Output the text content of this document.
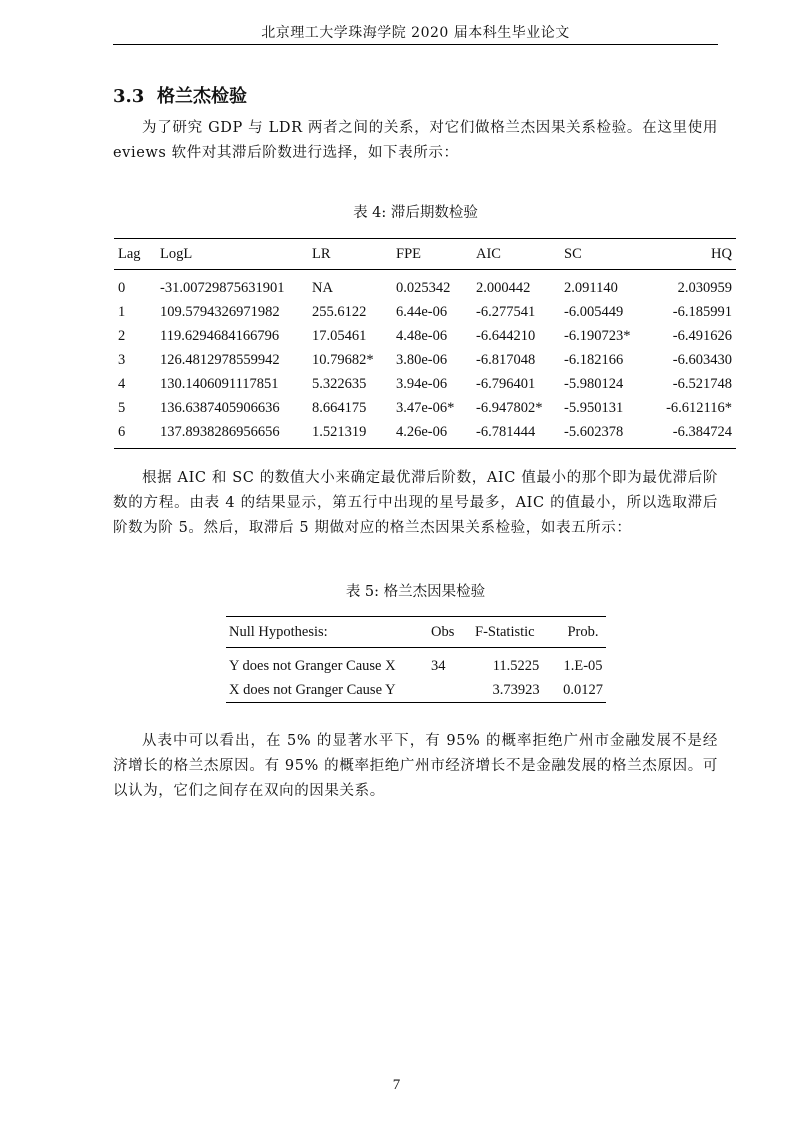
北京理工大学珠海学院 2020 届本科生毕业论文
3.3 格兰杰检验
为了研究 GDP 与 LDR 两者之间的关系，对它们做格兰杰因果关系检验。在这里使用 eviews 软件对其滞后阶数进行选择，如下表所示：
表 4: 滞后期数检验
Lag	LogL	LR	FPE	AIC	SC	HQ
0	-31.00729875631901	NA	0.025342	2.000442	2.091140	2.030959
1	109.5794326971982	255.6122	6.44e-06	-6.277541	-6.005449	-6.185991
2	119.6294684166796	17.05461	4.48e-06	-6.644210	-6.190723*	-6.491626
3	126.4812978559942	10.79682*	3.80e-06	-6.817048	-6.182166	-6.603430
4	130.1406091117851	5.322635	3.94e-06	-6.796401	-5.980124	-6.521748
5	136.6387405906636	8.664175	3.47e-06*	-6.947802*	-5.950131	-6.612116*
6	137.8938286956656	1.521319	4.26e-06	-6.781444	-5.602378	-6.384724
根据 AIC 和 SC 的数值大小来确定最优滞后阶数，AIC 值最小的那个即为最优滞后阶数的方程。由表 4 的结果显示，第五行中出现的星号最多，AIC 的值最小，所以选取滞后阶数为阶 5。然后，取滞后 5 期做对应的格兰杰因果关系检验，如表五所示：
表 5: 格兰杰因果检验
Null Hypothesis:	Obs	F-Statistic	Prob.
Y does not Granger Cause X	34	11.5225	1.E-05
X does not Granger Cause Y		3.73923	0.0127
从表中可以看出，在 5% 的显著水平下，有 95% 的概率拒绝广州市金融发展不是经济增长的格兰杰原因。有 95% 的概率拒绝广州市经济增长不是金融发展的格兰杰原因。可以认为，它们之间存在双向的因果关系。
7
